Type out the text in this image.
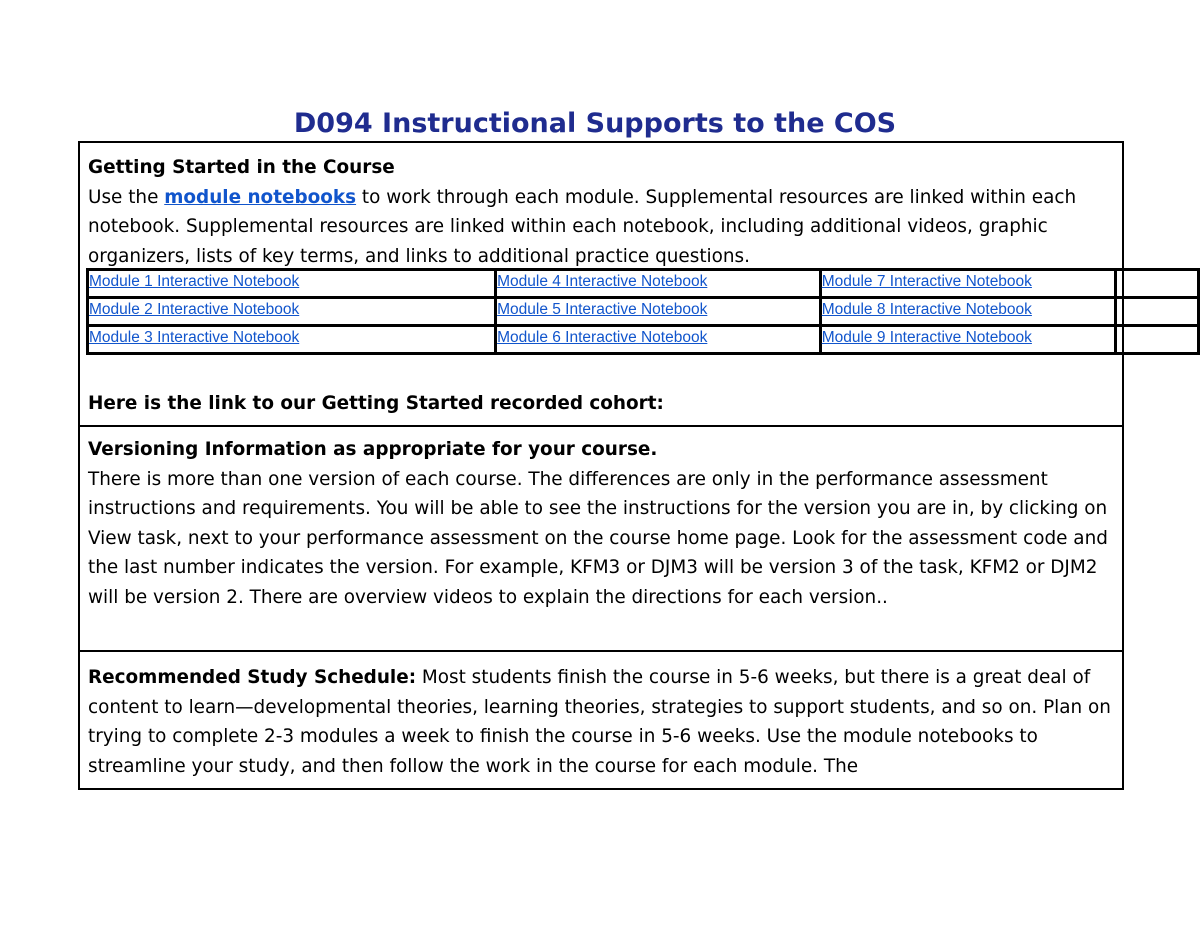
D094 Instructional Supports to the COS
Getting Started in the Course
Use the module notebooks to work through each module. Supplemental resources are linked within each notebook. Supplemental resources are linked within each notebook, including additional videos, graphic organizers, lists of key terms, and links to additional practice questions.
Module 1 Interactive Notebook	Module 4 Interactive Notebook	Module 7 Interactive Notebook	
Module 2 Interactive Notebook	Module 5 Interactive Notebook	Module 8 Interactive Notebook	
Module 3 Interactive Notebook	Module 6 Interactive Notebook	Module 9 Interactive Notebook	
Here is the link to our Getting Started recorded cohort:
Versioning Information as appropriate for your course.
There is more than one version of each course. The differences are only in the performance assessment instructions and requirements. You will be able to see the instructions for the version you are in, by clicking on View task, next to your performance assessment on the course home page. Look for the assessment code and the last number indicates the version. For example, KFM3 or DJM3 will be version 3 of the task, KFM2 or DJM2 will be version 2. There are overview videos to explain the directions for each version..
Recommended Study Schedule: Most students finish the course in 5-6 weeks, but there is a great deal of content to learn—developmental theories, learning theories, strategies to support students, and so on. Plan on trying to complete 2-3 modules a week to finish the course in 5-6 weeks. Use the module notebooks to streamline your study, and then follow the work in the course for each module. The
